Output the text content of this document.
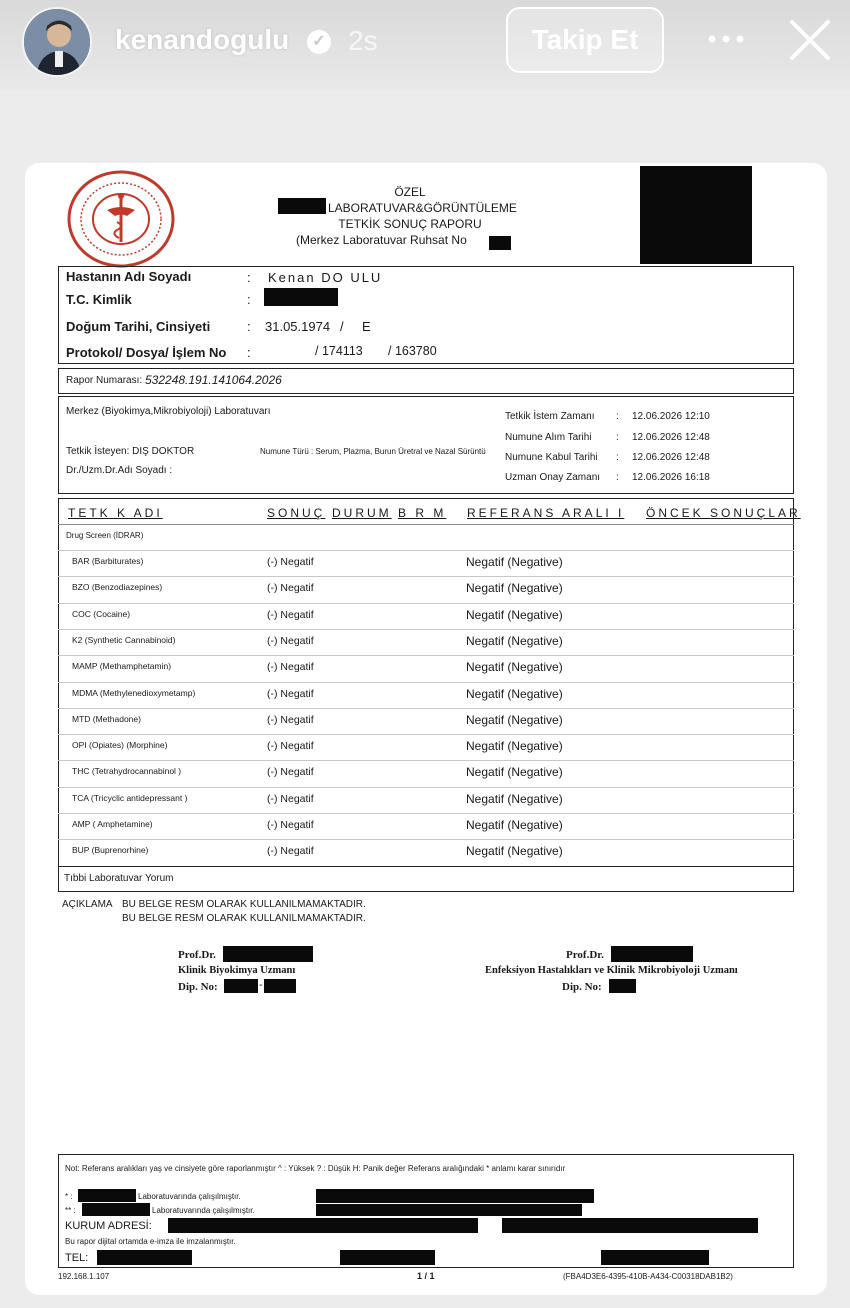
kenandogulu	✓ 2s	Takip Et
ÖZEL
LABORATUVAR&GÖRÜNTÜLEME
TETKİK SONUÇ RAPORU
(Merkez Laboratuvar Ruhsat No
Hastanın Adı Soyadı	: Kenan DO ULU
T.C. Kimlik	:
Doğum Tarihi, Cinsiyeti	: 31.05.1974 / E
Protokol/ Dosya/ İşlem No :	/ 174113 / 163780
Rapor Numarası: 532248.191.141064.2026
Merkez (Biyokimya,Mikrobiyoloji) Laboratuvarı
Tetkik İsteyen: DIŞ DOKTOR
Dr./Uzm.Dr.Adı Soyadı :
Numune Türü : Serum, Plazma, Burun Üretral ve Nazal Sürüntü
Tetkik İstem Zamanı : 12.06.2026 12:10
Numune Alım Tarihi : 12.06.2026 12:48
Numune Kabul Tarihi : 12.06.2026 12:48
Uzman Onay Zamanı : 12.06.2026 16:18
TETK K ADI	SONUÇ DURUM B R M REFERANS ARALI I ÖNCEK SONUÇLAR
Drug Screen (İDRAR)
BAR (Barbiturates)	(-) Negatif	Negatif (Negative)
BZO (Benzodiazepines)	(-) Negatif	Negatif (Negative)
COC (Cocaine)	(-) Negatif	Negatif (Negative)
K2 (Synthetic Cannabinoid)	(-) Negatif	Negatif (Negative)
MAMP (Methamphetamin)	(-) Negatif	Negatif (Negative)
MDMA (Methylenedioxymetamp)	(-) Negatif	Negatif (Negative)
MTD (Methadone)	(-) Negatif	Negatif (Negative)
OPI (Opiates) (Morphine)	(-) Negatif	Negatif (Negative)
THC (Tetrahydrocannabinol )	(-) Negatif	Negatif (Negative)
TCA (Tricyclic antidepressant )	(-) Negatif	Negatif (Negative)
AMP ( Amphetamine)	(-) Negatif	Negatif (Negative)
BUP (Buprenorhine)	(-) Negatif	Negatif (Negative)
Tıbbi Laboratuvar Yorum
AÇIKLAMA BU BELGE RESM OLARAK KULLANILMAMAKTADIR.
BU BELGE RESM OLARAK KULLANILMAMAKTADIR.
Prof.Dr.
Klinik Biyokimya Uzmanı
Dip. No:	-
Prof.Dr.
Enfeksiyon Hastalıkları ve Klinik Mikrobiyoloji Uzmanı
Dip. No:
Not: Referans aralıkları yaş ve cinsiyete göre raporlanmıştır ^ : Yüksek ? : Düşük H: Panik değer Referans aralığındaki * anlamı karar sınırıdır
* :	Laboratuvarında çalışılmıştır.
** :	Laboratuvarında çalışılmıştır.
KURUM ADRESİ:
Bu rapor dijital ortamda e-imza ile imzalanmıştır.
TEL:
192.168.1.107	1 / 1	(FBA4D3E6-4395-410B-A434-C00318DAB1B2)
